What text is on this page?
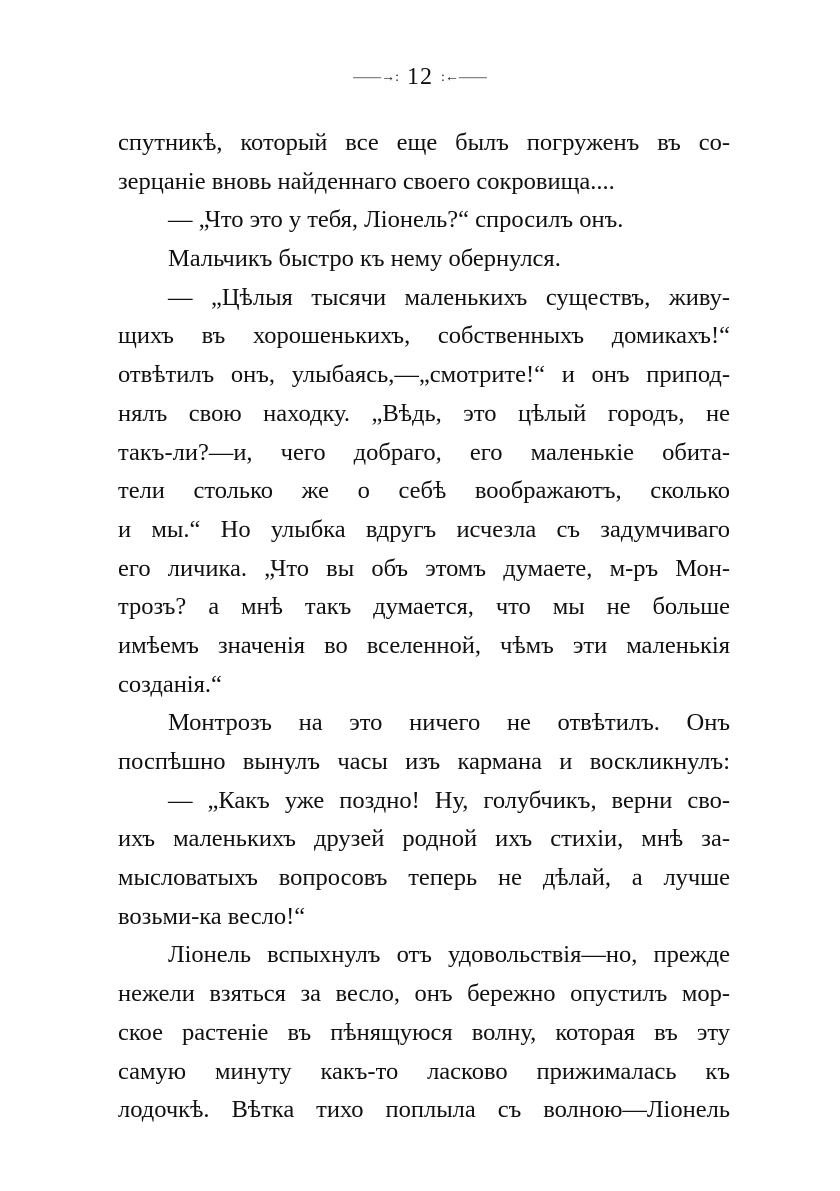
——→: 12 :←——
спутникѣ, который все еще былъ погруженъ въ со-
зерцаніе вновь найденнаго своего сокровища....
— „Что это у тебя, Ліонель?“ спросилъ онъ.
Мальчикъ быстро къ нему обернулся.
— „Цѣлыя тысячи маленькихъ существъ, живу-
щихъ въ хорошенькихъ, собственныхъ домикахъ!“
отвѣтилъ онъ, улыбаясь,—„смотрите!“ и онъ припод-
нялъ свою находку. „Вѣдь, это цѣлый городъ, не
такъ-ли?—и, чего добраго, его маленькіе обита-
тели столько же о себѣ воображаютъ, сколько
и мы.“ Но улыбка вдругъ исчезла съ задумчиваго
его личика. „Что вы объ этомъ думаете, м-ръ Мон-
трозъ? а мнѣ такъ думается, что мы не больше
имѣемъ значенія во вселенной, чѣмъ эти маленькія
созданія.“
Монтрозъ на это ничего не отвѣтилъ. Онъ
поспѣшно вынулъ часы изъ кармана и воскликнулъ:
— „Какъ уже поздно! Ну, голубчикъ, верни сво-
ихъ маленькихъ друзей родной ихъ стихіи, мнѣ за-
мысловатыхъ вопросовъ теперь не дѣлай, а лучше
возьми-ка весло!“
Ліонель вспыхнулъ отъ удовольствія—но, прежде
нежели взяться за весло, онъ бережно опустилъ мор-
ское растеніе въ пѣнящуюся волну, которая въ эту
самую минуту какъ-то ласково прижималась къ
лодочкѣ. Вѣтка тихо поплыла съ волною—Ліонель
